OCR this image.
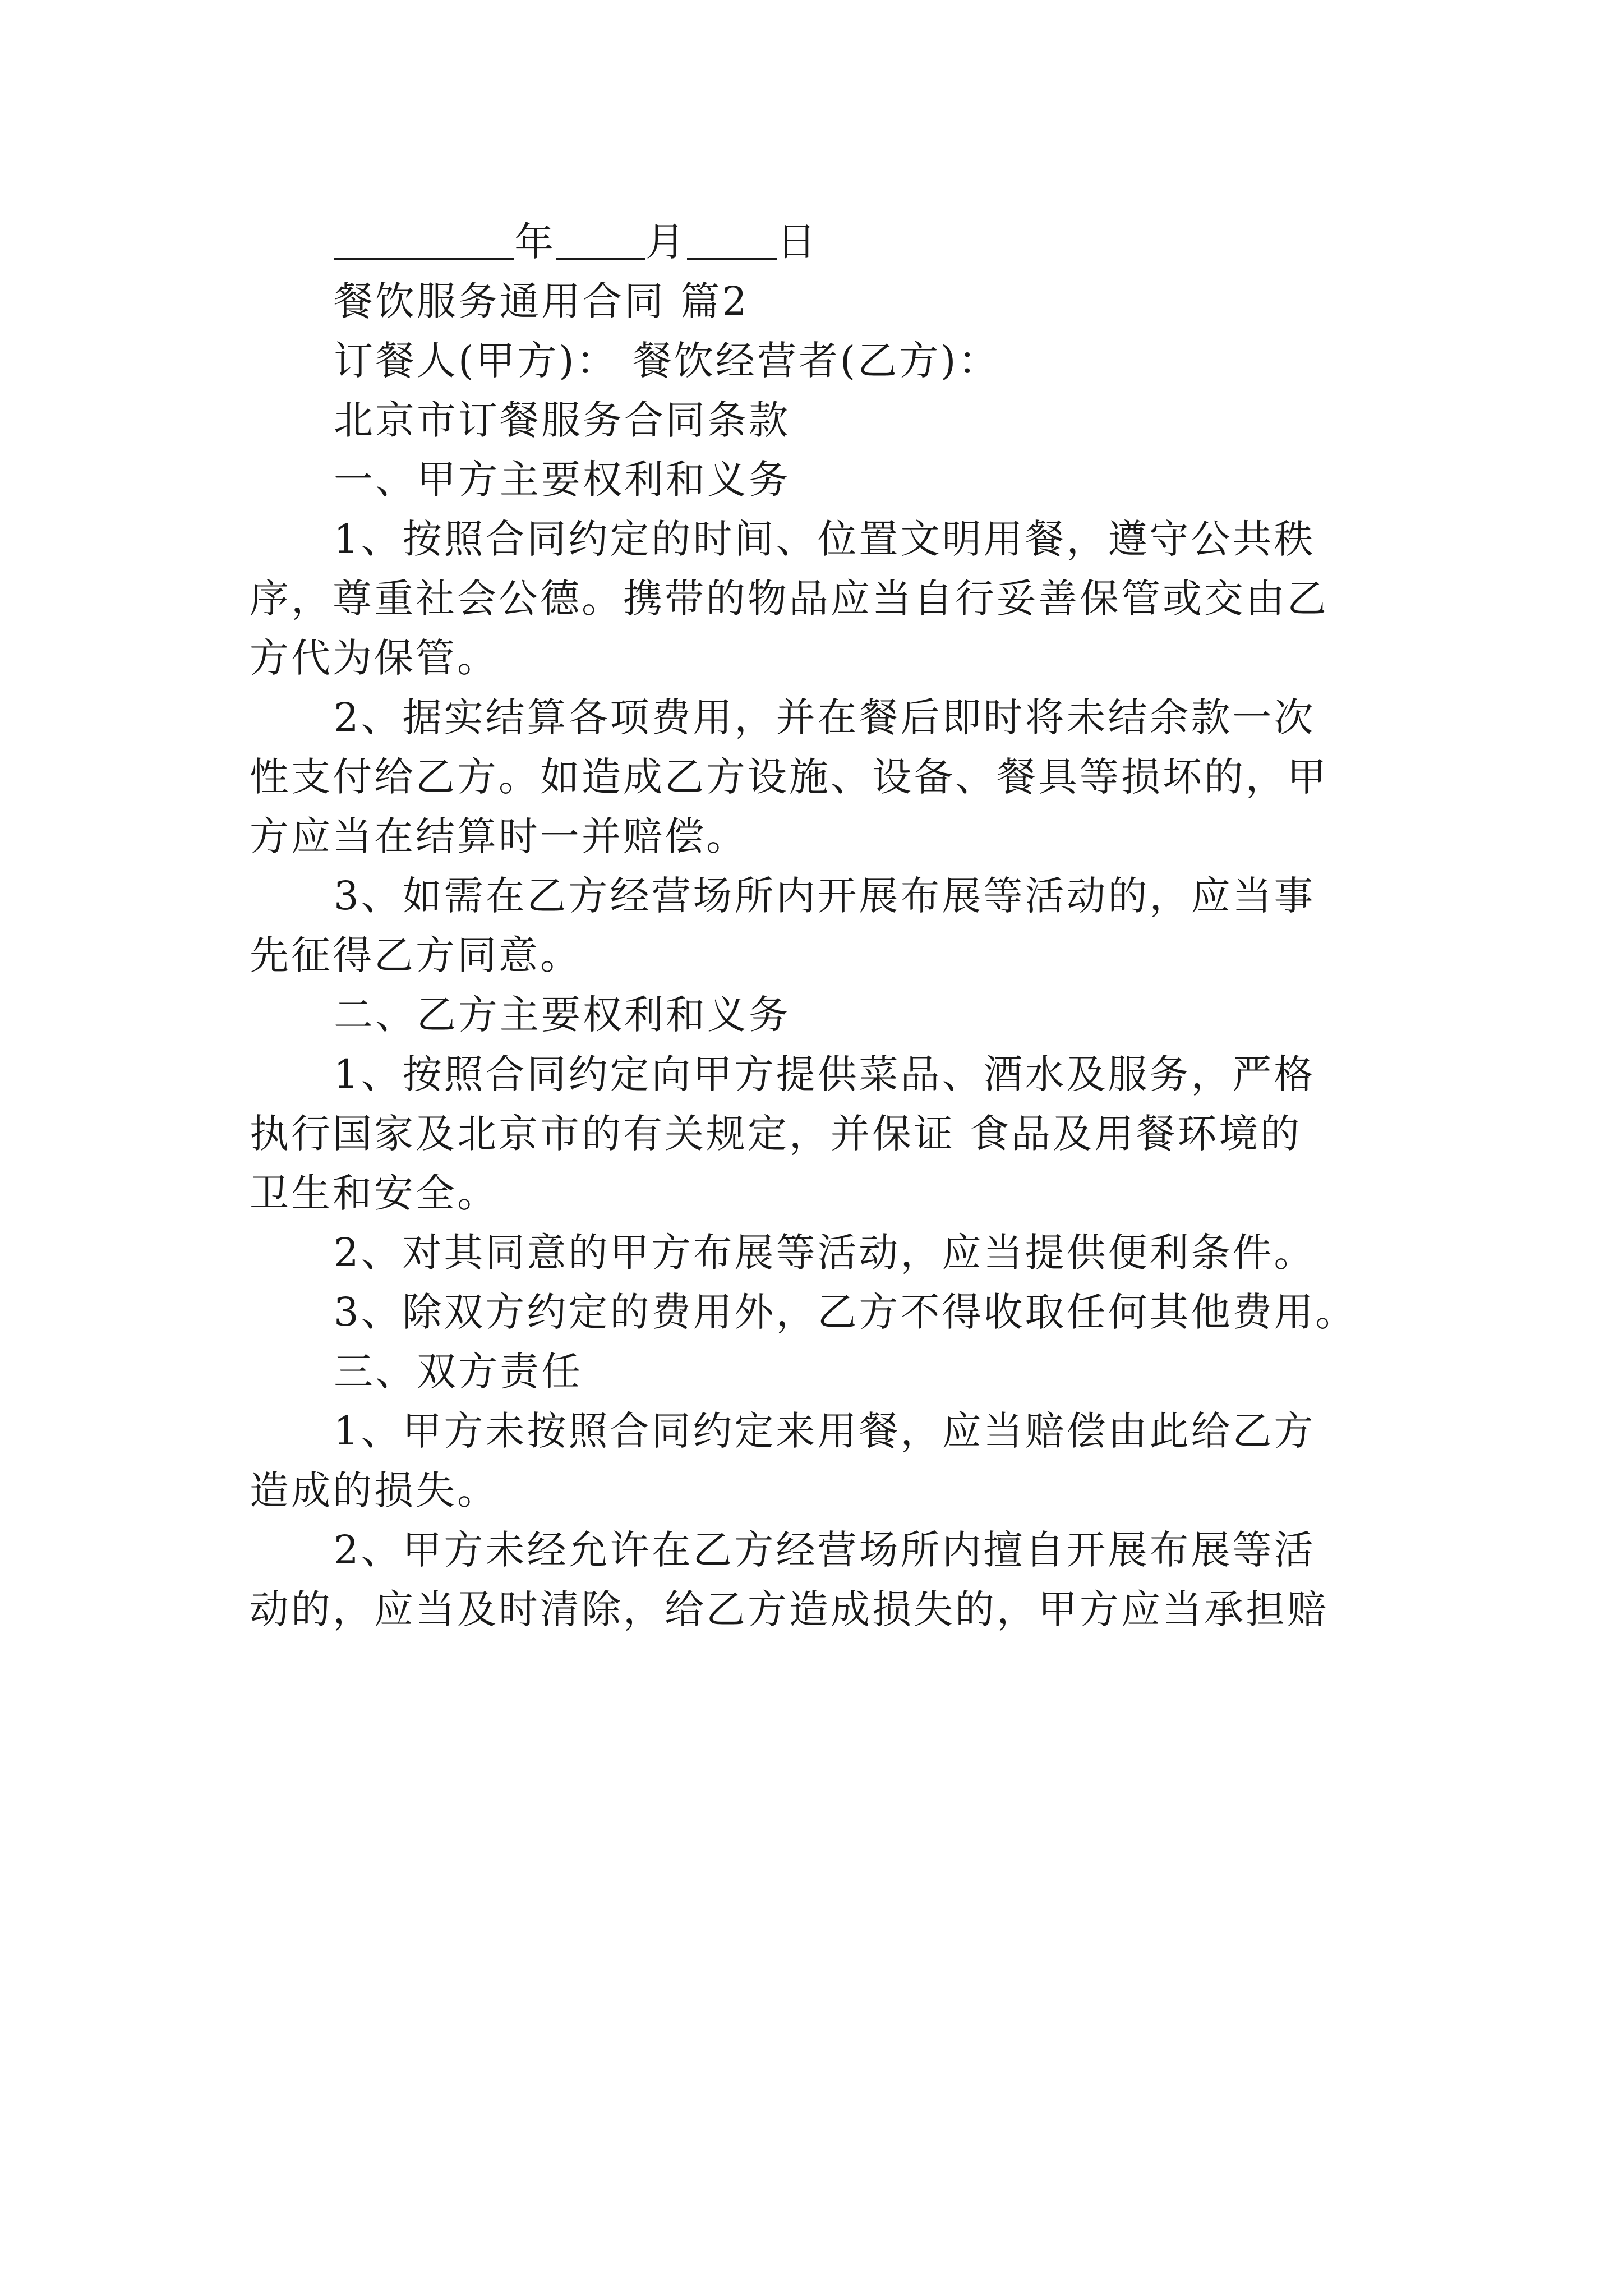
年 月 日
餐饮服务通用合同 篇2
订餐人(甲方)： 餐饮经营者(乙方)：
北京市订餐服务合同条款
一、甲方主要权利和义务
1、按照合同约定的时间、位置文明用餐，遵守公共秩
序，尊重社会公德。携带的物品应当自行妥善保管或交由乙
方代为保管。
2、据实结算各项费用，并在餐后即时将未结余款一次
性支付给乙方。如造成乙方设施、设备、餐具等损坏的，甲
方应当在结算时一并赔偿。
3、如需在乙方经营场所内开展布展等活动的，应当事
先征得乙方同意。
二、乙方主要权利和义务
1、按照合同约定向甲方提供菜品、酒水及服务，严格
执行国家及北京市的有关规定，并保证 食品及用餐环境的
卫生和安全。
2、对其同意的甲方布展等活动，应当提供便利条件。
3、除双方约定的费用外，乙方不得收取任何其他费用。
三、双方责任
1、甲方未按照合同约定来用餐，应当赔偿由此给乙方
造成的损失。
2、甲方未经允许在乙方经营场所内擅自开展布展等活
动的，应当及时清除，给乙方造成损失的，甲方应当承担赔
